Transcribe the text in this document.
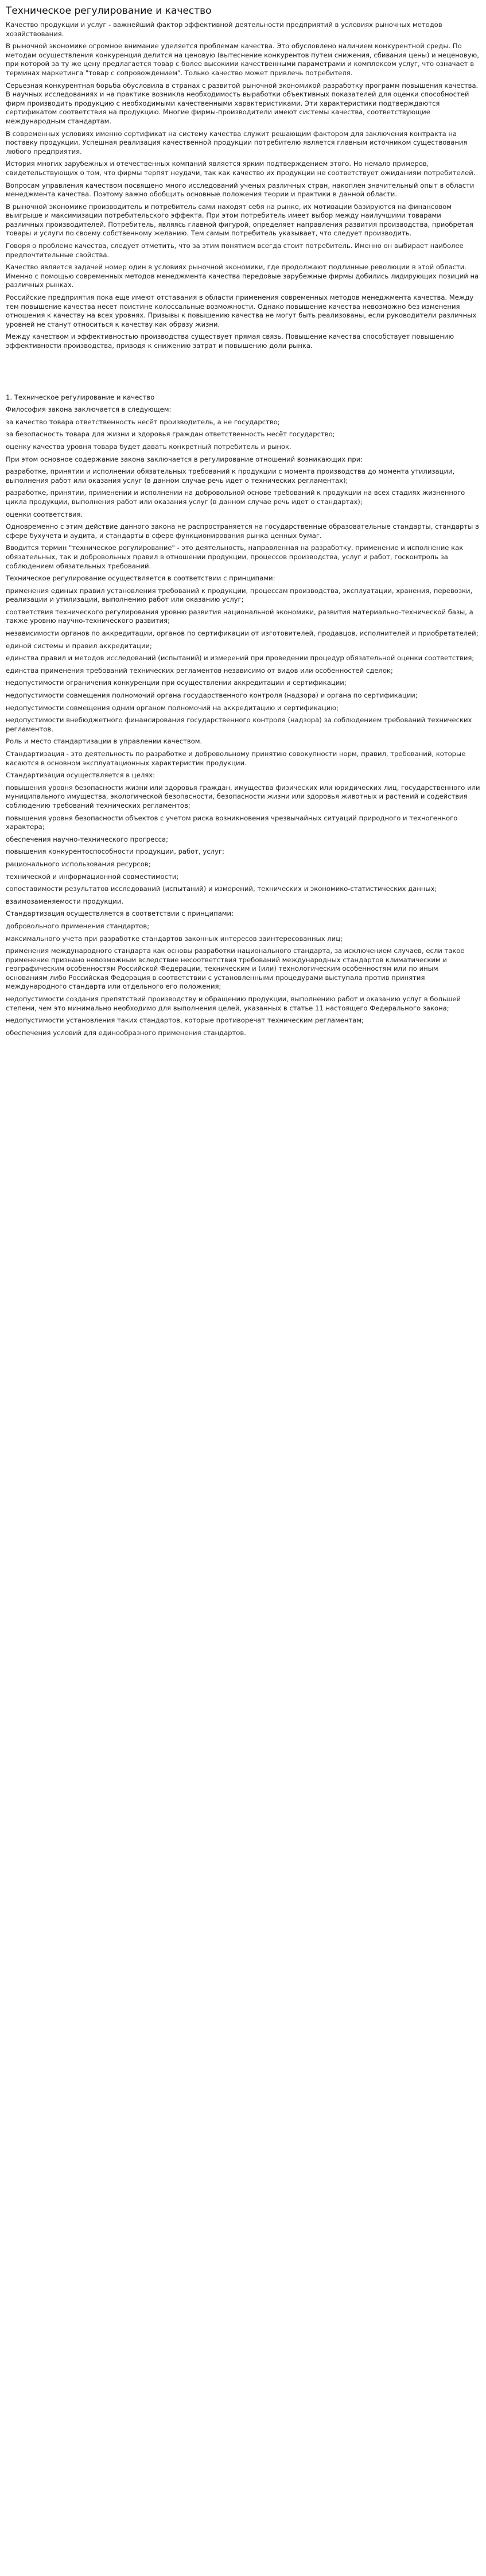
Техническое регулирование и качество

Качество продукции и услуг - важнейший фактор эффективной деятельности предприятий в условиях рыночных методов хозяйствования.

В рыночной экономике огромное внимание уделяется проблемам качества. Это обусловлено наличием конкурентной среды. По методам осуществления конкуренция делится на ценовую (вытеснение конкурентов путем снижения, сбивания цены) и неценовую, при которой за ту же цену предлагается товар с более высокими качественными параметрами и комплексом услуг, что означает в терминах маркетинга "товар с сопровождением". Только качество может привлечь потребителя.

Серьезная конкурентная борьба обусловила в странах с развитой рыночной экономикой разработку программ повышения качества. В научных исследованиях и на практике возникла необходимость выработки объективных показателей для оценки способностей фирм производить продукцию с необходимыми качественными характеристиками. Эти характеристики подтверждаются сертификатом соответствия на продукцию. Многие фирмы-производители имеют системы качества, соответствующие международным стандартам.

В современных условиях именно сертификат на систему качества служит решающим фактором для заключения контракта на поставку продукции. Успешная реализация качественной продукции потребителю является главным источником существования любого предприятия.

История многих зарубежных и отечественных компаний является ярким подтверждением этого. Но немало примеров, свидетельствующих о том, что фирмы терпят неудачи, так как качество их продукции не соответствует ожиданиям потребителей.

Вопросам управления качеством посвящено много исследований ученых различных стран, накоплен значительный опыт в области менеджмента качества. Поэтому важно обобщить основные положения теории и практики в данной области.

В рыночной экономике производитель и потребитель сами находят себя на рынке, их мотивации базируются на финансовом выигрыше и максимизации потребительского эффекта. При этом потребитель имеет выбор между наилучшими товарами различных производителей. Потребитель, являясь главной фигурой, определяет направления развития производства, приобретая товары и услуги по своему собственному желанию. Тем самым потребитель указывает, что следует производить.

Говоря о проблеме качества, следует отметить, что за этим понятием всегда стоит потребитель. Именно он выбирает наиболее предпочтительные свойства.

Качество является задачей номер один в условиях рыночной экономики, где продолжают подлинные революции в этой области. Именно с помощью современных методов менеджмента качества передовые зарубежные фирмы добились лидирующих позиций на различных рынках.

Российские предприятия пока еще имеют отставания в области применения современных методов менеджмента качества. Между тем повышение качества несет поистине колоссальные возможности. Однако повышение качества невозможно без изменения отношения к качеству на всех уровнях. Призывы к повышению качества не могут быть реализованы, если руководители различных уровней не станут относиться к качеству как образу жизни.

Между качеством и эффективностью производства существует прямая связь. Повышение качества способствует повышению эффективности производства, приводя к снижению затрат и повышению доли рынка.

1. Техническое регулирование и качество

Философия закона заключается в следующем:

за качество товара ответственность несёт производитель, а не государство;

за безопасность товара для жизни и здоровья граждан ответственность несёт государство;

оценку качества уровня товара будет давать конкретный потребитель и рынок.

При этом основное содержание закона заключается в регулирование отношений возникающих при:

разработке, принятии и исполнении обязательных требований к продукции с момента производства до момента утилизации, выполнения работ или оказания услуг (в данном случае речь идет о технических регламентах);

разработке, принятии, применении и исполнении на добровольной основе требований к продукции на всех стадиях жизненного цикла продукции, выполнения работ или оказания услуг (в данном случае речь идет о стандартах);

оценки соответствия.

Одновременно с этим действие данного закона не распространяется на государственные образовательные стандарты, стандарты в сфере бухучета и аудита, и стандарты в сфере функционирования рынка ценных бумаг.

Вводится термин "техническое регулирование" - это деятельность, направленная на разработку, применение и исполнение как обязательных, так и добровольных правил в отношении продукции, процессов производства, услуг и работ, госконтроль за соблюдением обязательных требований.

Техническое регулирование осуществляется в соответствии с принципами:

применения единых правил установления требований к продукции, процессам производства, эксплуатации, хранения, перевозки, реализации и утилизации, выполнению работ или оказанию услуг;

соответствия технического регулирования уровню развития национальной экономики, развития материально-технической базы, а также уровню научно-технического развития;

независимости органов по аккредитации, органов по сертификации от изготовителей, продавцов, исполнителей и приобретателей;

единой системы и правил аккредитации;

единства правил и методов исследований (испытаний) и измерений при проведении процедур обязательной оценки соответствия;

единства применения требований технических регламентов независимо от видов или особенностей сделок;

недопустимости ограничения конкуренции при осуществлении аккредитации и сертификации;

недопустимости совмещения полномочий органа государственного контроля (надзора) и органа по сертификации;

недопустимости совмещения одним органом полномочий на аккредитацию и сертификацию;

недопустимости внебюджетного финансирования государственного контроля (надзора) за соблюдением требований технических регламентов.

Роль и место стандартизации в управлении качеством.

Стандартизация - это деятельность по разработке и добровольному принятию совокупности норм, правил, требований, которые касаются в основном эксплуатационных характеристик продукции.

Стандартизация осуществляется в целях:

повышения уровня безопасности жизни или здоровья граждан, имущества физических или юридических лиц, государственного или муниципального имущества, экологической безопасности, безопасности жизни или здоровья животных и растений и содействия соблюдению требований технических регламентов;

повышения уровня безопасности объектов с учетом риска возникновения чрезвычайных ситуаций природного и техногенного характера;

обеспечения научно-технического прогресса;

повышения конкурентоспособности продукции, работ, услуг;

рационального использования ресурсов;

технической и информационной совместимости;

сопоставимости результатов исследований (испытаний) и измерений, технических и экономико-статистических данных;

взаимозаменяемости продукции.

Стандартизация осуществляется в соответствии с принципами:

добровольного применения стандартов;

максимального учета при разработке стандартов законных интересов заинтересованных лиц;

применения международного стандарта как основы разработки национального стандарта, за исключением случаев, если такое применение признано невозможным вследствие несоответствия требований международных стандартов климатическим и географическим особенностям Российской Федерации, техническим и (или) технологическим особенностям или по иным основаниям либо Российская Федерация в соответствии с установленными процедурами выступала против принятия международного стандарта или отдельного его положения;

недопустимости создания препятствий производству и обращению продукции, выполнению работ и оказанию услуг в большей степени, чем это минимально необходимо для выполнения целей, указанных в статье 11 настоящего Федерального закона;

недопустимости установления таких стандартов, которые противоречат техническим регламентам;

обеспечения условий для единообразного применения стандартов.
